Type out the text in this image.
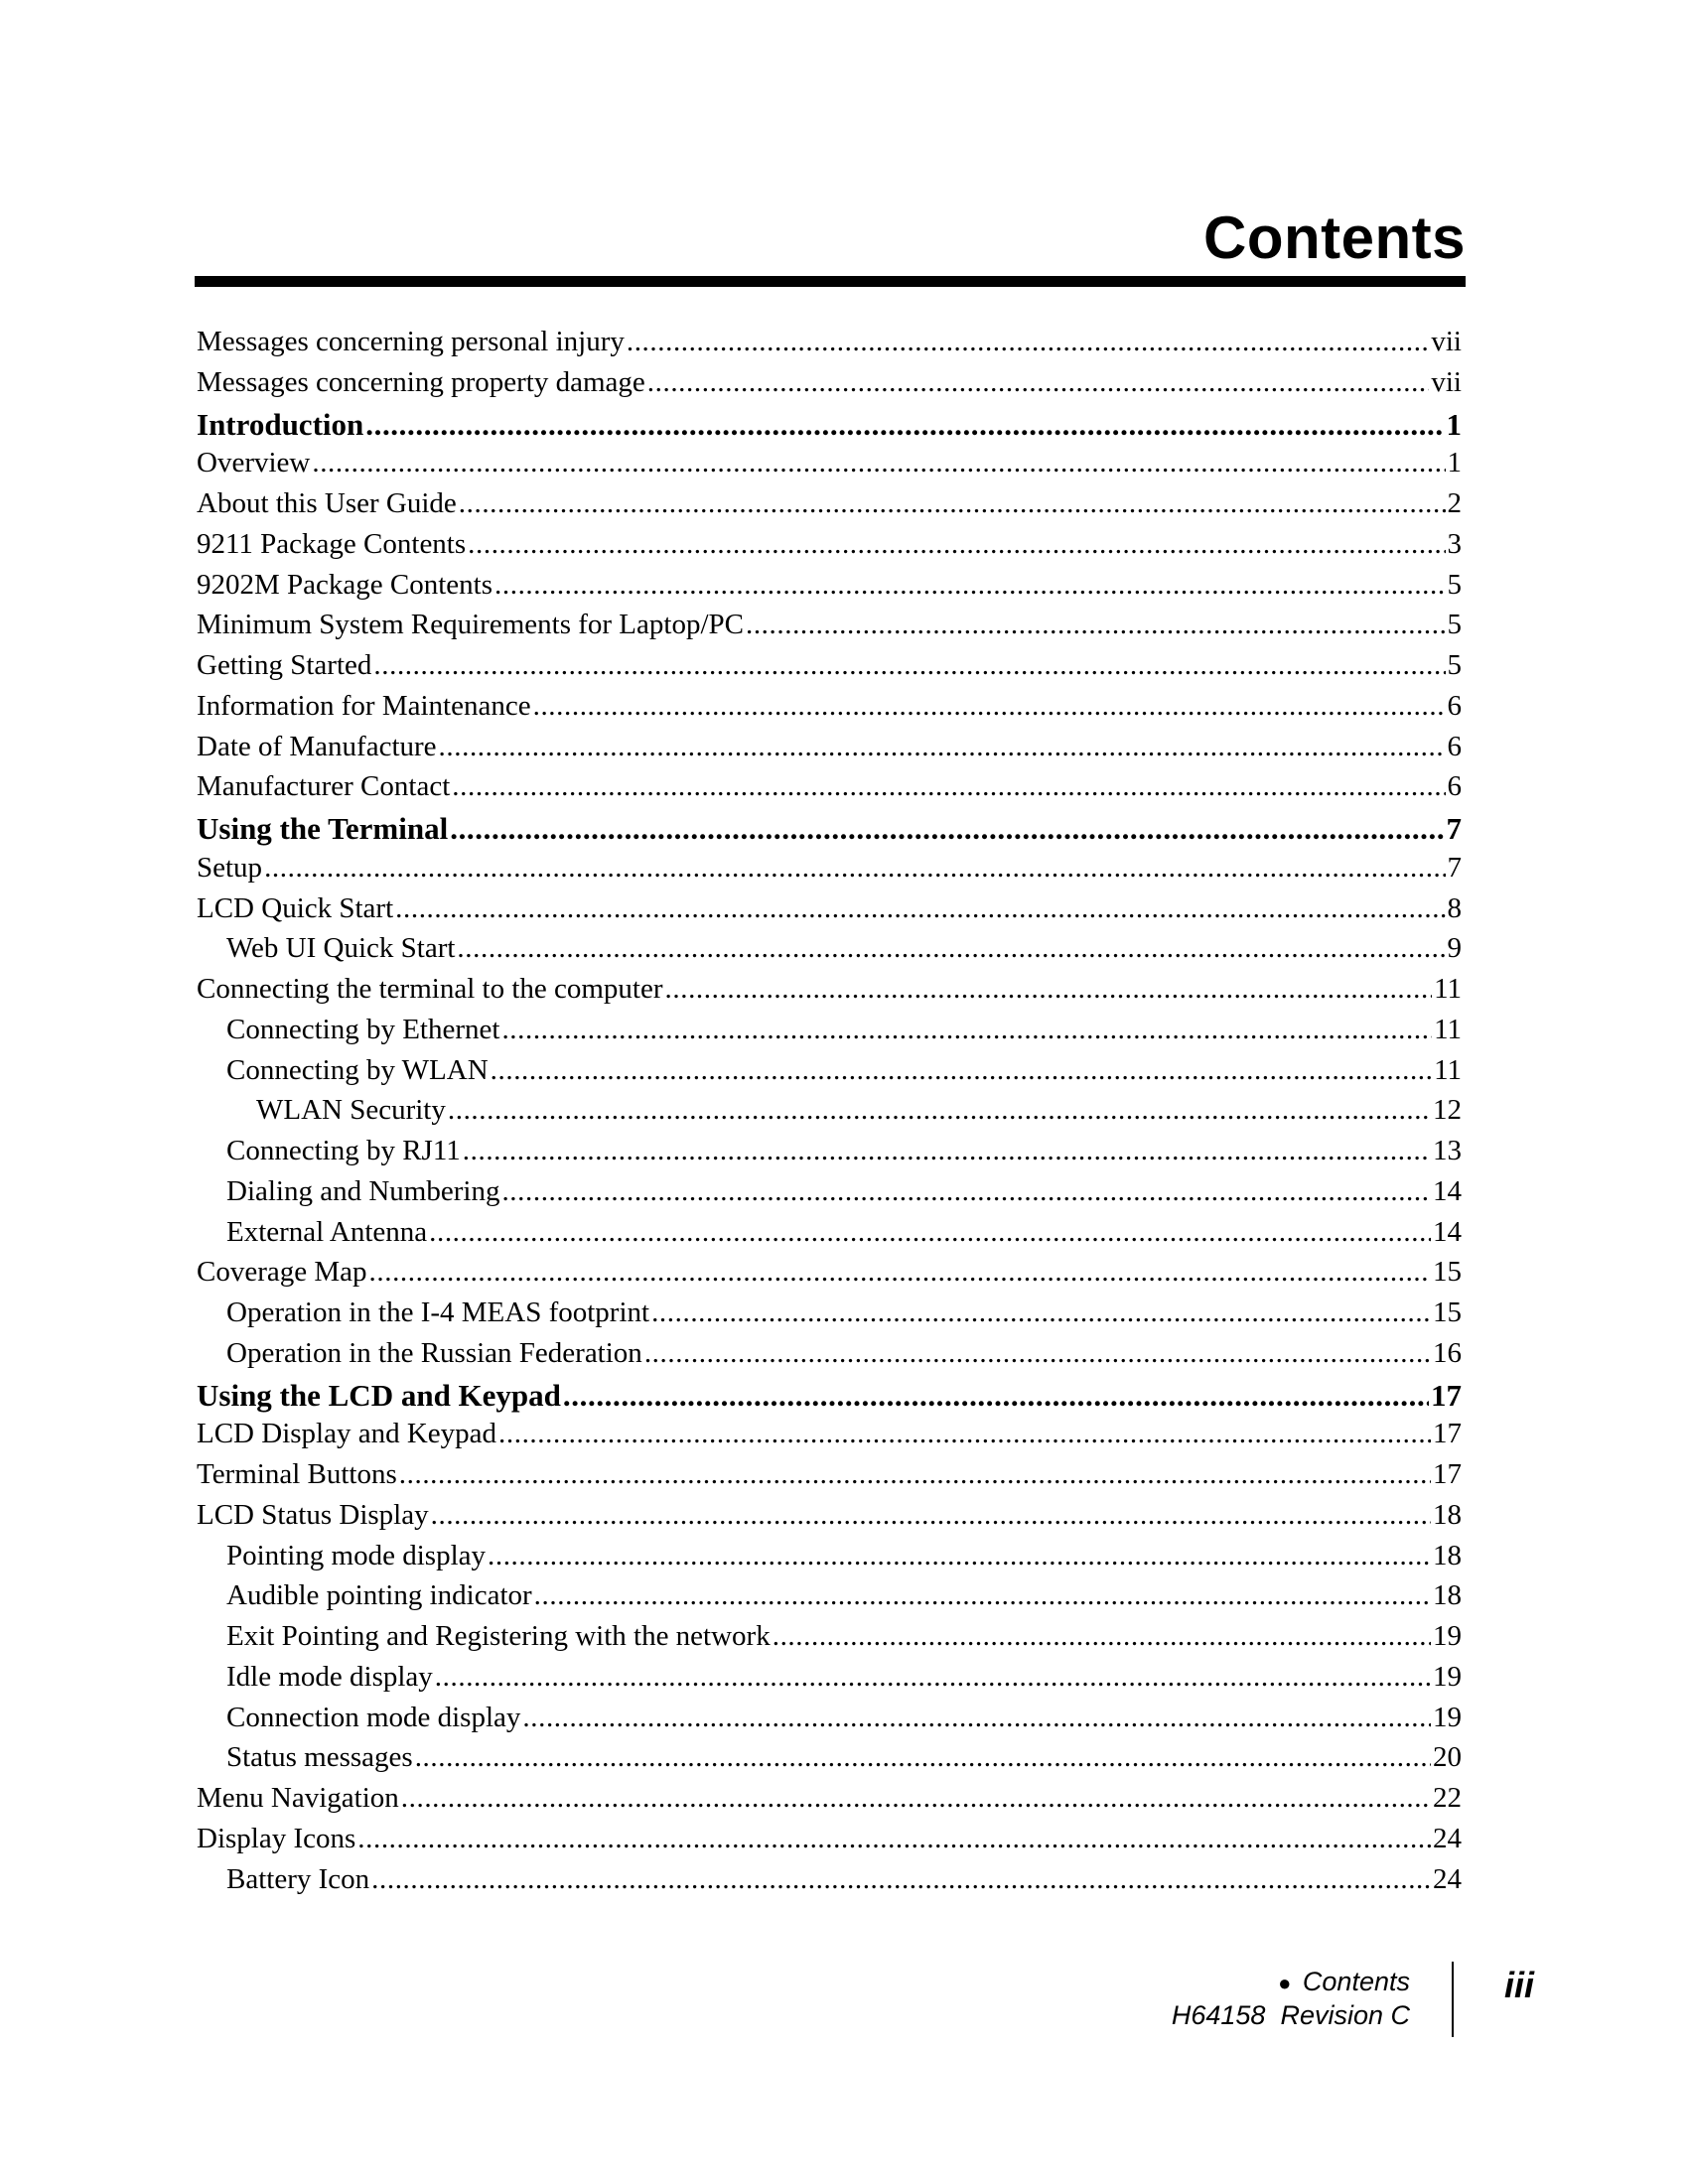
Contents
Messages concerning personal injury .....	vii
Messages concerning property damage .....	vii
Introduction .....	1
Overview .....	1
About this User Guide .....	2
9211 Package Contents .....	3
9202M Package Contents .....	5
Minimum System Requirements for Laptop/PC .....	5
Getting Started .....	5
Information for Maintenance .....	6
Date of Manufacture .....	6
Manufacturer Contact .....	6
Using the Terminal .....	7
Setup .....	7
LCD Quick Start .....	8
Web UI Quick Start .....	9
Connecting the terminal to the computer .....	11
Connecting by Ethernet .....	11
Connecting by WLAN .....	11
WLAN Security .....	12
Connecting by RJ11 .....	13
Dialing and Numbering .....	14
External Antenna .....	14
Coverage Map .....	15
Operation in the I-4 MEAS footprint .....	15
Operation in the Russian Federation .....	16
Using the LCD and Keypad .....	17
LCD Display and Keypad .....	17
Terminal Buttons .....	17
LCD Status Display .....	18
Pointing mode display .....	18
Audible pointing indicator .....	18
Exit Pointing and Registering with the network .....	19
Idle mode display .....	19
Connection mode display .....	19
Status messages .....	20
Menu Navigation .....	22
Display Icons .....	24
Battery Icon .....	24
● Contents
H64158  Revision C
iii
